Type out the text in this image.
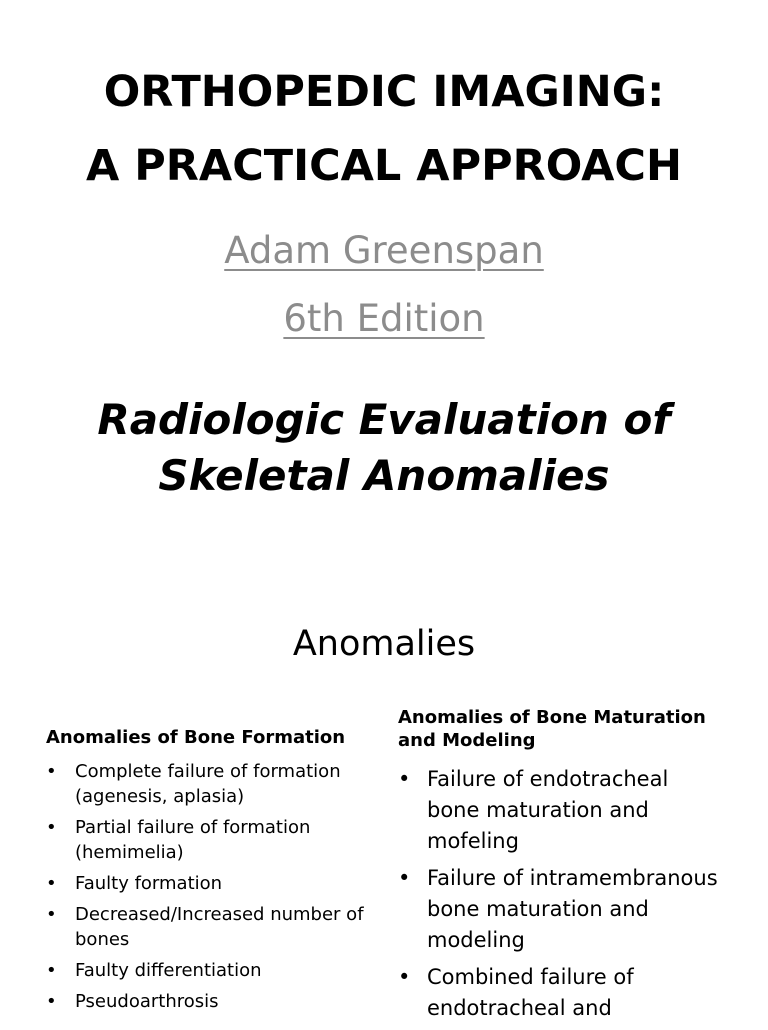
ORTHOPEDIC IMAGING:
A PRACTICAL APPROACH
Adam Greenspan
6th Edition
Radiologic Evaluation of
Skeletal Anomalies
Anomalies

Anomalies of Bone Formation

• Complete failure of formation (agenesis, aplasia)
• Partial failure of formation (hemimelia)
• Faulty formation
• Decreased/Increased number of bones
• Faulty differentiation
• Pseudoarthrosis

Anomalies of Bone Maturation and Modeling

• Failure of endotracheal bone maturation and mofeling
• Failure of intramembranous bone maturation and modeling
• Combined failure of endotracheal and
